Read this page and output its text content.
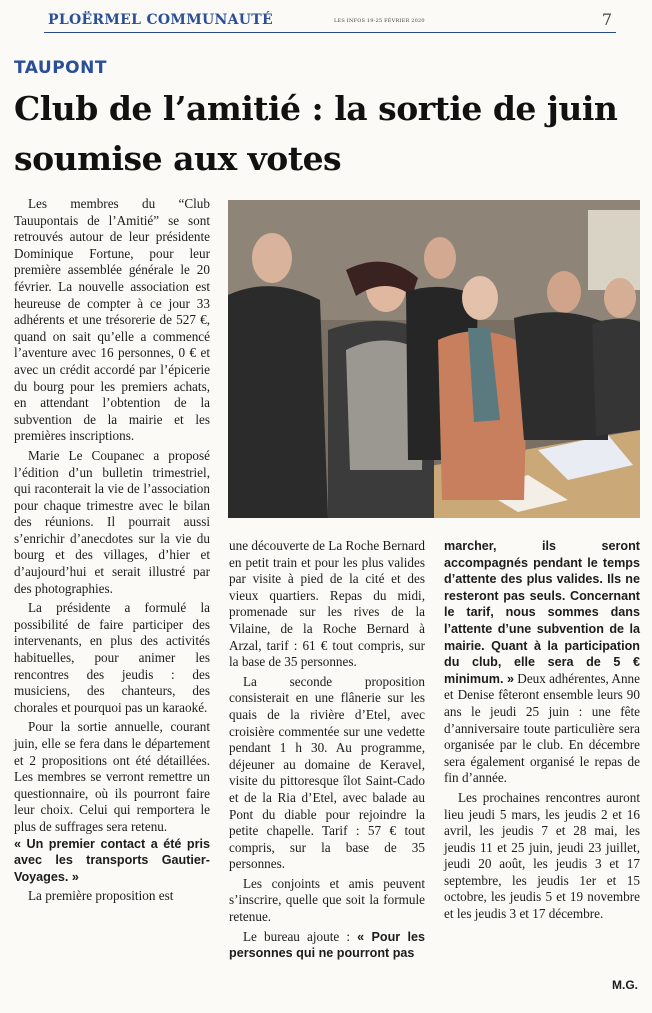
PLOËRMEL COMMUNAUTÉ	LES INFOS 19-25 FÉVRIER 2020	7
TAUPONT
Club de l’amitié : la sortie de juin soumise aux votes

Les membres du “Club Tauupontais de l’Amitié” se sont retrouvés autour de leur présidente Dominique Fortune, pour leur première assemblée générale le 20 février. La nouvelle association est heureuse de compter à ce jour 33 adhérents et une trésorerie de 527 €, quand on sait qu’elle a commencé l’aventure avec 16 personnes, 0 € et avec un crédit accordé par l’épicerie du bourg pour les premiers achats, en attendant l’obtention de la subvention de la mairie et les premières inscriptions.

Marie Le Coupanec a proposé l’édition d’un bulletin trimestriel, qui raconterait la vie de l’association pour chaque trimestre avec le bilan des réunions. Il pourrait aussi s’enrichir d’anecdotes sur la vie du bourg et des villages, d’hier et d’aujourd’hui et serait illustré par des photographies.

La présidente a formulé la possibilité de faire participer des intervenants, en plus des activités habituelles, pour animer les rencontres des jeudis : des musiciens, des chanteurs, des chorales et pourquoi pas un karaoké.

Pour la sortie annuelle, courant juin, elle se fera dans le département et 2 propositions ont été détaillées. Les membres se verront remettre un questionnaire, où ils pourront faire leur choix. Celui qui remportera le plus de suffrages sera retenu.

« Un premier contact a été pris avec les transports Gautier-Voyages. »

La première proposition est

une découverte de La Roche Bernard en petit train et pour les plus valides par visite à pied de la cité et des vieux quartiers. Repas du midi, promenade sur les rives de la Vilaine, de la Roche Bernard à Arzal, tarif : 61 € tout compris, sur la base de 35 personnes.

La seconde proposition consisterait en une flânerie sur les quais de la rivière d’Etel, avec croisière commentée sur une vedette pendant 1 h 30. Au programme, déjeuner au domaine de Keravel, visite du pittoresque îlot Saint-Cado et de la Ria d’Etel, avec balade au Pont du diable pour rejoindre la petite chapelle. Tarif : 57 € tout compris, sur la base de 35 personnes.

Les conjoints et amis peuvent s’inscrire, quelle que soit la formule retenue.

Le bureau ajoute : « Pour les personnes qui ne pourront pas

marcher, ils seront accompagnés pendant le temps d’attente des plus valides. Ils ne resteront pas seuls. Concernant le tarif, nous sommes dans l’attente d’une subvention de la mairie. Quant à la participation du club, elle sera de 5 € minimum. » Deux adhérentes, Anne et Denise fêteront ensemble leurs 90 ans le jeudi 25 juin : une fête d’anniversaire toute particulière sera organisée par le club. En décembre sera également organisé le repas de fin d’année.

Les prochaines rencontres auront lieu jeudi 5 mars, les jeudis 2 et 16 avril, les jeudis 7 et 28 mai, les jeudis 11 et 25 juin, jeudi 23 juillet, jeudi 20 août, les jeudis 3 et 17 septembre, les jeudis 1er et 15 octobre, les jeudis 5 et 19 novembre et les jeudis 3 et 17 décembre.

M.G.
